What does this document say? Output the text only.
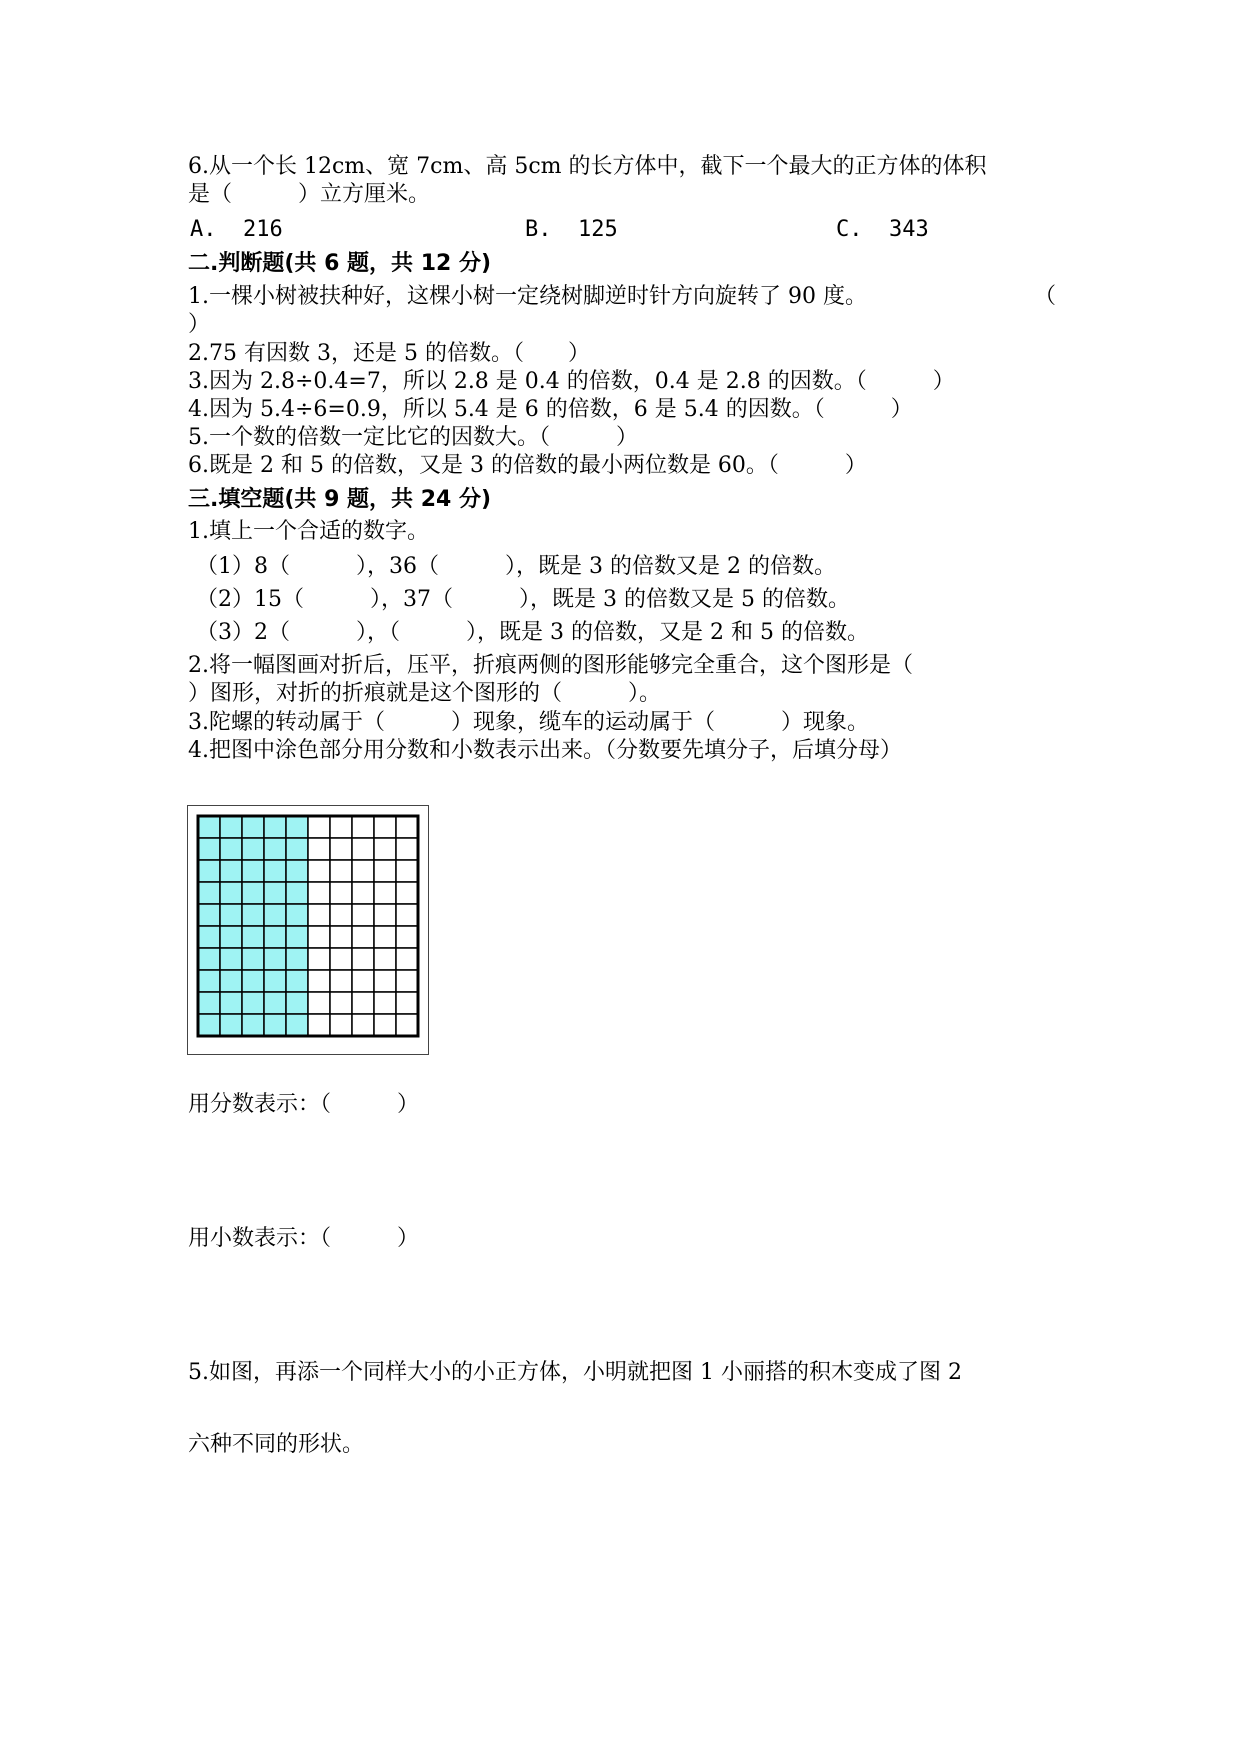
6.从一个长 12cm、宽 7cm、高 5cm 的长方体中，截下一个最大的正方体的体积
是（　　　）立方厘米。
A.  216	B.  125	C.  343
二.判断题(共 6 题，共 12 分)
1.一棵小树被扶种好，这棵小树一定绕树脚逆时针方向旋转了 90 度。	（
）
2.75 有因数 3，还是 5 的倍数。（　　）
3.因为 2.8÷0.4=7，所以 2.8 是 0.4 的倍数，0.4 是 2.8 的因数。（　　　）
4.因为 5.4÷6=0.9，所以 5.4 是 6 的倍数，6 是 5.4 的因数。（　　　）
5.一个数的倍数一定比它的因数大。（　　　）
6.既是 2 和 5 的倍数，又是 3 的倍数的最小两位数是 60。（　　　）
三.填空题(共 9 题，共 24 分)
1.填上一个合适的数字。
（1）8（　　　），36（　　　），既是 3 的倍数又是 2 的倍数。
（2）15（　　　），37（　　　），既是 3 的倍数又是 5 的倍数。
（3）2（　　　），（　　　），既是 3 的倍数，又是 2 和 5 的倍数。
2.将一幅图画对折后，压平，折痕两侧的图形能够完全重合，这个图形是（
）图形，对折的折痕就是这个图形的（　　　）。
3.陀螺的转动属于（　　　）现象，缆车的运动属于（　　　）现象。
4.把图中涂色部分用分数和小数表示出来。（分数要先填分子，后填分母）
用分数表示：（　　　）
用小数表示：（　　　）
5.如图，再添一个同样大小的小正方体，小明就把图 1 小丽搭的积木变成了图 2
六种不同的形状。
